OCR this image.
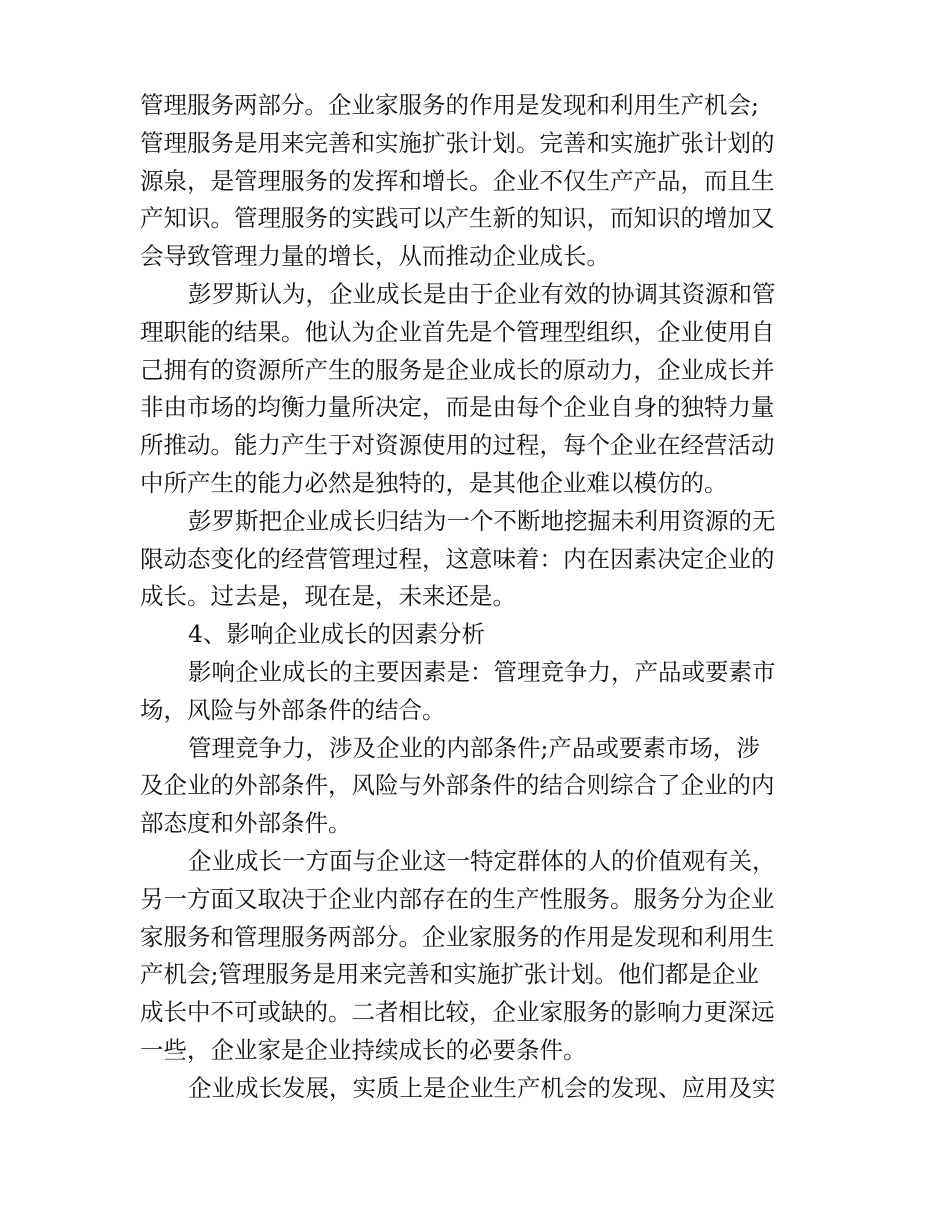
管理服务两部分。企业家服务的作用是发现和利用生产机会;
管理服务是用来完善和实施扩张计划。完善和实施扩张计划的
源泉，是管理服务的发挥和增长。企业不仅生产产品，而且生
产知识。管理服务的实践可以产生新的知识，而知识的增加又
会导致管理力量的增长，从而推动企业成长。
彭罗斯认为，企业成长是由于企业有效的协调其资源和管
理职能的结果。他认为企业首先是个管理型组织，企业使用自
己拥有的资源所产生的服务是企业成长的原动力，企业成长并
非由市场的均衡力量所决定，而是由每个企业自身的独特力量
所推动。能力产生于对资源使用的过程，每个企业在经营活动
中所产生的能力必然是独特的，是其他企业难以模仿的。
彭罗斯把企业成长归结为一个不断地挖掘未利用资源的无
限动态变化的经营管理过程，这意味着：内在因素决定企业的
成长。过去是，现在是，未来还是。
4、影响企业成长的因素分析
影响企业成长的主要因素是：管理竞争力，产品或要素市
场，风险与外部条件的结合。
管理竞争力，涉及企业的内部条件;产品或要素市场，涉
及企业的外部条件，风险与外部条件的结合则综合了企业的内
部态度和外部条件。
企业成长一方面与企业这一特定群体的人的价值观有关，
另一方面又取决于企业内部存在的生产性服务。服务分为企业
家服务和管理服务两部分。企业家服务的作用是发现和利用生
产机会;管理服务是用来完善和实施扩张计划。他们都是企业
成长中不可或缺的。二者相比较，企业家服务的影响力更深远
一些，企业家是企业持续成长的必要条件。
企业成长发展，实质上是企业生产机会的发现、应用及实
